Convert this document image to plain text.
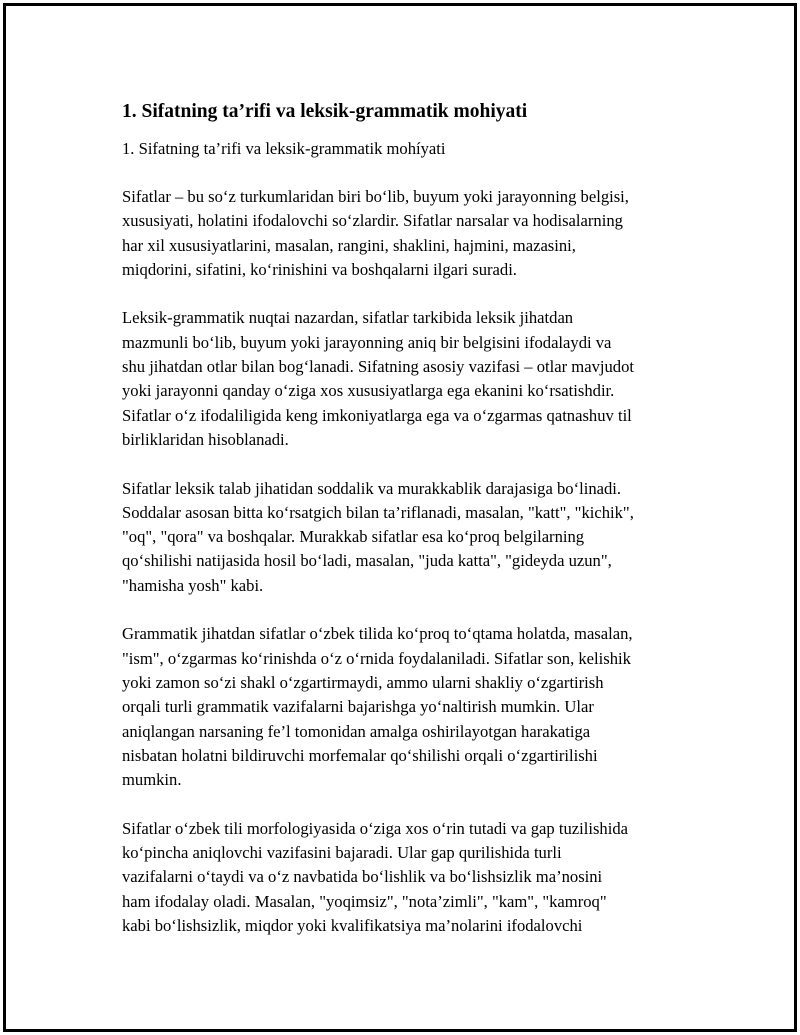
1. Sifatning ta’rifi va leksik-grammatik mohiyati

1. Sifatning ta’rifi va leksik-grammatik mohíyati

Sifatlar – bu so‘z turkumlaridan biri bo‘lib, buyum yoki jarayonning belgisi,
xususiyati, holatini ifodalovchi so‘zlardir. Sifatlar narsalar va hodisalarning
har xil xususiyatlarini, masalan, rangini, shaklini, hajmini, mazasini,
miqdorini, sifatini, ko‘rinishini va boshqalarni ilgari suradi.

Leksik-grammatik nuqtai nazardan, sifatlar tarkibida leksik jihatdan
mazmunli bo‘lib, buyum yoki jarayonning aniq bir belgisini ifodalaydi va
shu jihatdan otlar bilan bog‘lanadi. Sifatning asosiy vazifasi – otlar mavjudot
yoki jarayonni qanday o‘ziga xos xususiyatlarga ega ekanini ko‘rsatishdir.
Sifatlar o‘z ifodaliligida keng imkoniyatlarga ega va o‘zgarmas qatnashuv til
birliklaridan hisoblanadi.

Sifatlar leksik talab jihatidan soddalik va murakkablik darajasiga bo‘linadi.
Soddalar asosan bitta ko‘rsatgich bilan ta’riflanadi, masalan, "katt", "kichik",
"oq", "qora" va boshqalar. Murakkab sifatlar esa ko‘proq belgilarning
qo‘shilishi natijasida hosil bo‘ladi, masalan, "juda katta", "gideyda uzun",
"hamisha yosh" kabi.

Grammatik jihatdan sifatlar o‘zbek tilida ko‘proq to‘qtama holatda, masalan,
"ism", o‘zgarmas ko‘rinishda o‘z o‘rnida foydalaniladi. Sifatlar son, kelishik
yoki zamon so‘zi shakl o‘zgartirmaydi, ammo ularni shakliy o‘zgartirish
orqali turli grammatik vazifalarni bajarishga yo‘naltirish mumkin. Ular
aniqlangan narsaning fe’l tomonidan amalga oshirilayotgan harakatiga
nisbatan holatni bildiruvchi morfemalar qo‘shilishi orqali o‘zgartirilishi
mumkin.

Sifatlar o‘zbek tili morfologiyasida o‘ziga xos o‘rin tutadi va gap tuzilishida
ko‘pincha aniqlovchi vazifasini bajaradi. Ular gap qurilishida turli
vazifalarni o‘taydi va o‘z navbatida bo‘lishlik va bo‘lishsizlik ma’nosini
ham ifodalay oladi. Masalan, "yoqimsiz", "nota’zimli", "kam", "kamroq"
kabi bo‘lishsizlik, miqdor yoki kvalifikatsiya ma’nolarini ifodalovchi
